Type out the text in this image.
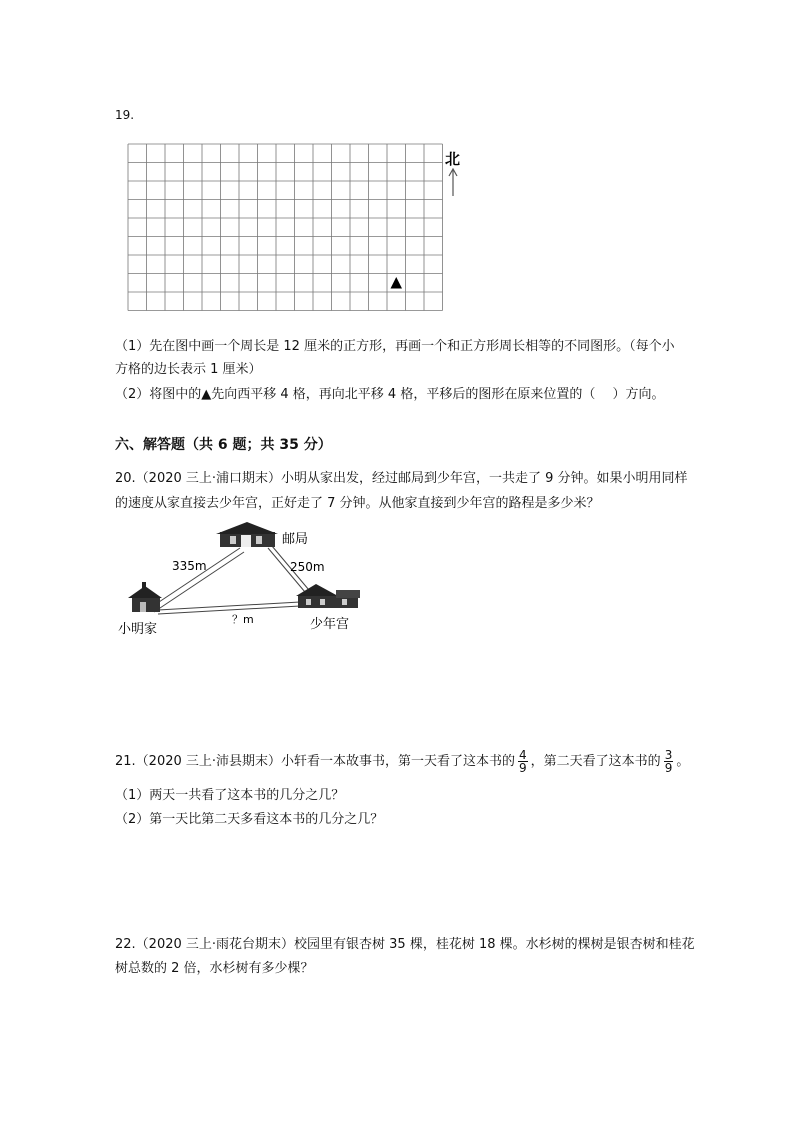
19.
北
（1）先在图中画一个周长是 12 厘米的正方形，再画一个和正方形周长相等的不同图形。（每个小
方格的边长表示 1 厘米）
（2）将图中的▲先向西平移 4 格，再向北平移 4 格，平移后的图形在原来位置的（　 ）方向。
六、解答题（共 6 题；共 35 分）
20.（2020 三上·浦口期末）小明从家出发，经过邮局到少年宫，一共走了 9 分钟。如果小明用同样
的速度从家直接去少年宫，正好走了 7 分钟。从他家直接到少年宫的路程是多少米？
邮局
335m	250m
小明家
？m	少年宫
21.（2020 三上·沛县期末）小轩看一本故事书，第一天看了这本书的 $\frac{4}{9}$ ，第二天看了这本书的 $\frac{3}{9}$ 。
（1）两天一共看了这本书的几分之几？
（2）第一天比第二天多看这本书的几分之几？
22.（2020 三上·雨花台期末）校园里有银杏树 35 棵，桂花树 18 棵。水杉树的棵树是银杏树和桂花
树总数的 2 倍，水杉树有多少棵？
